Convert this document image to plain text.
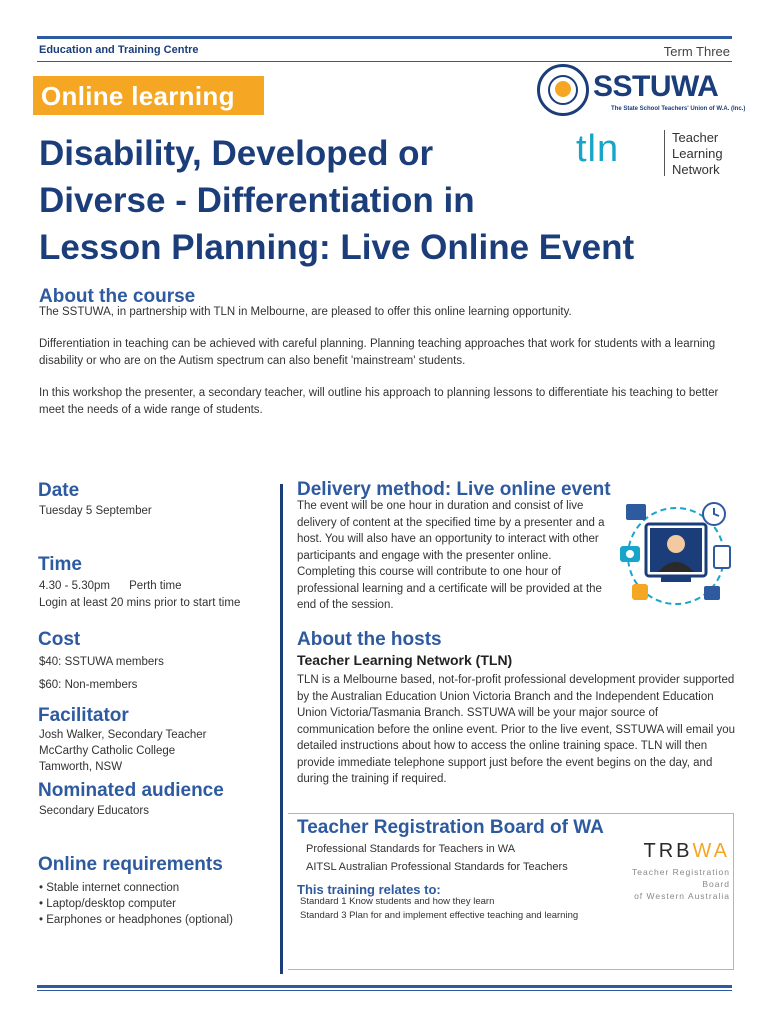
Education and Training Centre	Term Three
Online learning	SSTUWA
The State School Teachers' Union of W.A. (Inc.)
tln	Teacher
Learning
Network
Disability, Developed or
Diverse - Differentiation in
Lesson Planning: Live Online Event
About the course
The SSTUWA, in partnership with TLN in Melbourne, are pleased to offer this online learning opportunity.
Differentiation in teaching can be achieved with careful planning. Planning teaching approaches that work for students with a learning disability or who are on the Autism spectrum can also benefit 'mainstream' students.
In this workshop the presenter, a secondary teacher, will outline his approach to planning lessons to differentiate his teaching to better meet the needs of a wide range of students.
Date
Tuesday 5 September
Time
4.30 - 5.30pm      Perth time
Login at least 20 mins prior to start time
Cost
$40: SSTUWA members
$60: Non-members
Facilitator
Josh Walker, Secondary Teacher
McCarthy Catholic College
Tamworth, NSW
Nominated audience
Secondary Educators
Online requirements
• Stable internet connection
• Laptop/desktop computer
• Earphones or headphones (optional)
Delivery method: Live online event
The event will be one hour in duration and consist of live delivery of content at the specified time by a presenter and a host. You will also have an opportunity to interact with other participants and engage with the presenter online. Completing this course will contribute to one hour of professional learning and a certificate will be provided at the end of the session.
About the hosts
Teacher Learning Network (TLN)
TLN is a Melbourne based, not-for-profit professional development provider supported by the Australian Education Union Victoria Branch and the Independent Education Union Victoria/Tasmania Branch. SSTUWA will be your major source of communication before the online event. Prior to the live event, SSTUWA will email you detailed instructions about how to access the online training space. TLN will then provide immediate telephone support just before the event begins on the day, and during the training if required.
Teacher Registration Board of WA
Professional Standards for Teachers in WA
AITSL Australian Professional Standards for Teachers
This training relates to:
Standard 1 Know students and how they learn
Standard 3 Plan for and implement effective teaching and learning
TRBWA
Teacher Registration Board
of Western Australia
